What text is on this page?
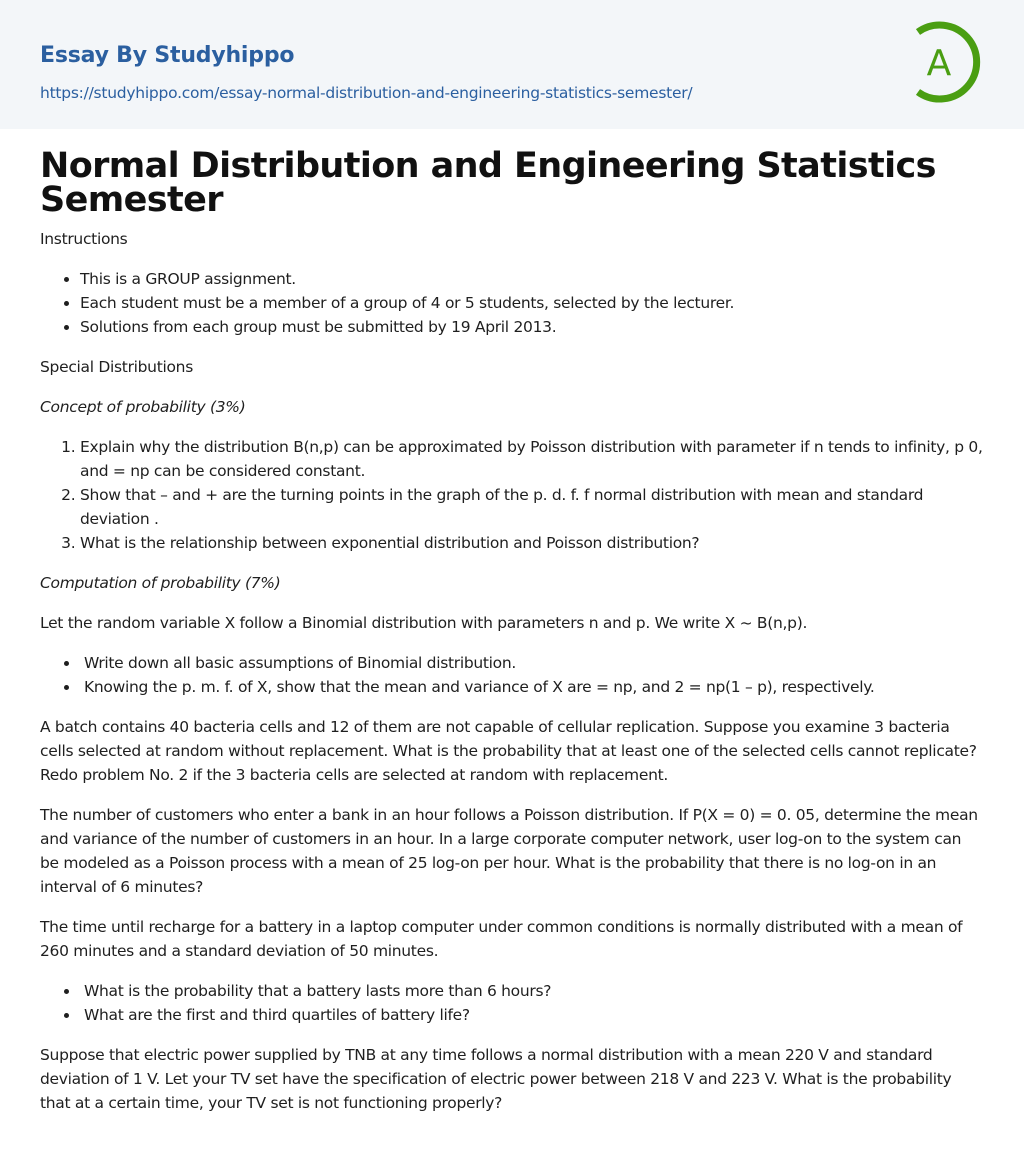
Essay By Studyhippo
https://studyhippo.com/essay-normal-distribution-and-engineering-statistics-semester/
A
Normal Distribution and Engineering Statistics Semester

Instructions

• This is a GROUP assignment.
• Each student must be a member of a group of 4 or 5 students, selected by the lecturer.
• Solutions from each group must be submitted by 19 April 2013.

Special Distributions

Concept of probability (3%)

1. Explain why the distribution B(n,p) can be approximated by Poisson distribution with parameter if n tends to infinity, p 0, and = np can be considered constant.
2. Show that – and + are the turning points in the graph of the p. d. f. f normal distribution with mean and standard deviation .
3. What is the relationship between exponential distribution and Poisson distribution?

Computation of probability (7%)

Let the random variable X follow a Binomial distribution with parameters n and p. We write X ~ B(n,p).

• Write down all basic assumptions of Binomial distribution.
• Knowing the p. m. f. of X, show that the mean and variance of X are = np, and 2 = np(1 – p), respectively.

A batch contains 40 bacteria cells and 12 of them are not capable of cellular replication. Suppose you examine 3 bacteria cells selected at random without replacement. What is the probability that at least one of the selected cells cannot replicate? Redo problem No. 2 if the 3 bacteria cells are selected at random with replacement.

The number of customers who enter a bank in an hour follows a Poisson distribution. If P(X = 0) = 0. 05, determine the mean and variance of the number of customers in an hour. In a large corporate computer network, user log-on to the system can be modeled as a Poisson process with a mean of 25 log-on per hour. What is the probability that there is no log-on in an interval of 6 minutes?

The time until recharge for a battery in a laptop computer under common conditions is normally distributed with a mean of 260 minutes and a standard deviation of 50 minutes.

• What is the probability that a battery lasts more than 6 hours?
• What are the first and third quartiles of battery life?

Suppose that electric power supplied by TNB at any time follows a normal distribution with a mean 220 V and standard deviation of 1 V. Let your TV set have the specification of electric power between 218 V and 223 V. What is the probability that at a certain time, your TV set is not functioning properly?
